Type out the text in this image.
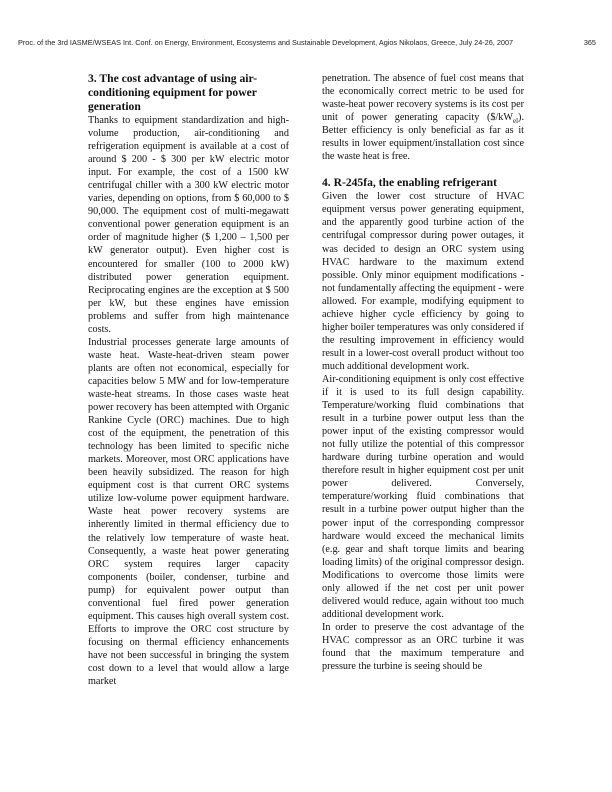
Proc. of the 3rd IASME/WSEAS Int. Conf. on Energy, Environment, Ecosystems and Sustainable Development, Agios Nikolaos, Greece, July 24-26, 2007	365
3. The cost advantage of using air-conditioning equipment for power generation

Thanks to equipment standardization and high-volume production, air-conditioning and refrigeration equipment is available at a cost of around $ 200 - $ 300 per kW electric motor input. For example, the cost of a 1500 kW centrifugal chiller with a 300 kW electric motor varies, depending on options, from $ 60,000 to $ 90,000. The equipment cost of multi-megawatt conventional power generation equipment is an order of magnitude higher ($ 1,200 – 1,500 per kW generator output). Even higher cost is encountered for smaller (100 to 2000 kW) distributed power generation equipment. Reciprocating engines are the exception at $ 500 per kW, but these engines have emission problems and suffer from high maintenance costs.

Industrial processes generate large amounts of waste heat. Waste-heat-driven steam power plants are often not economical, especially for capacities below 5 MW and for low-temperature waste-heat streams. In those cases waste heat power recovery has been attempted with Organic Rankine Cycle (ORC) machines. Due to high cost of the equipment, the penetration of this technology has been limited to specific niche markets. Moreover, most ORC applications have been heavily subsidized. The reason for high equipment cost is that current ORC systems utilize low-volume power equipment hardware. Waste heat power recovery systems are inherently limited in thermal efficiency due to the relatively low temperature of waste heat. Consequently, a waste heat power generating ORC system requires larger capacity components (boiler, condenser, turbine and pump) for equivalent power output than conventional fuel fired power generation equipment. This causes high overall system cost. Efforts to improve the ORC cost structure by focusing on thermal efficiency enhancements have not been successful in bringing the system cost down to a level that would allow a large market

penetration. The absence of fuel cost means that the economically correct metric to be used for waste-heat power recovery systems is its cost per unit of power generating capacity $(\$/kW_{el})$. Better efficiency is only beneficial as far as it results in lower equipment/installation cost since the waste heat is free.

4. R-245fa, the enabling refrigerant

Given the lower cost structure of HVAC equipment versus power generating equipment, and the apparently good turbine action of the centrifugal compressor during power outages, it was decided to design an ORC system using HVAC hardware to the maximum extend possible. Only minor equipment modifications - not fundamentally affecting the equipment - were allowed. For example, modifying equipment to achieve higher cycle efficiency by going to higher boiler temperatures was only considered if the resulting improvement in efficiency would result in a lower-cost overall product without too much additional development work.

Air-conditioning equipment is only cost effective if it is used to its full design capability. Temperature/working fluid combinations that result in a turbine power output less than the power input of the existing compressor would not fully utilize the potential of this compressor hardware during turbine operation and would therefore result in higher equipment cost per unit power delivered. Conversely, temperature/working fluid combinations that result in a turbine power output higher than the power input of the corresponding compressor hardware would exceed the mechanical limits (e.g. gear and shaft torque limits and bearing loading limits) of the original compressor design. Modifications to overcome those limits were only allowed if the net cost per unit power delivered would reduce, again without too much additional development work.

In order to preserve the cost advantage of the HVAC compressor as an ORC turbine it was found that the maximum temperature and pressure the turbine is seeing should be
